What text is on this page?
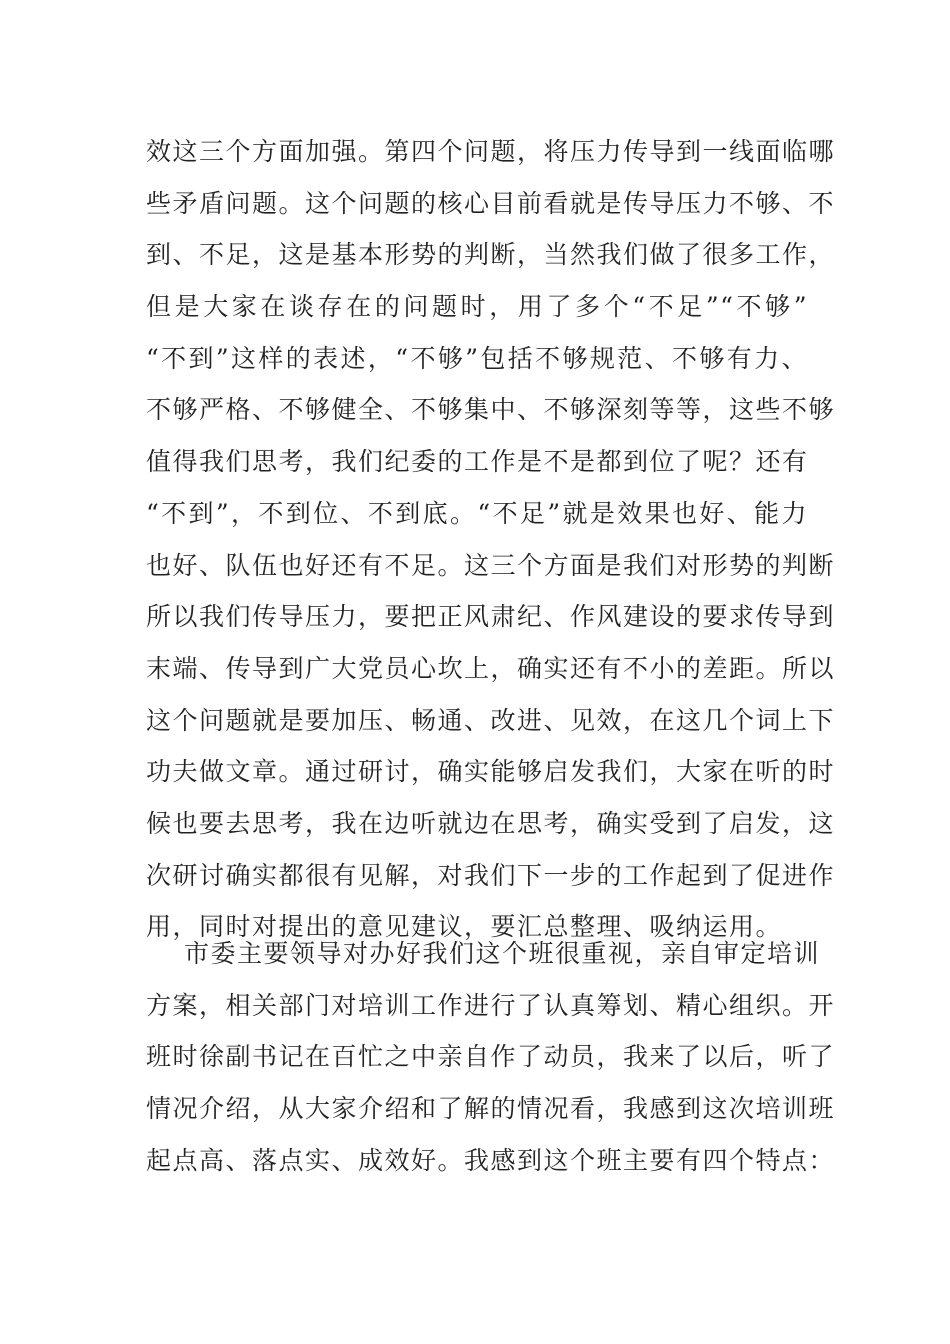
效这三个方面加强。第四个问题，将压力传导到一线面临哪
些矛盾问题。这个问题的核心目前看就是传导压力不够、不
到、不足，这是基本形势的判断，当然我们做了很多工作，
但是大家在谈存在的问题时，用了多个“不足”“不够”
“不到”这样的表述，“不够”包括不够规范、不够有力、
不够严格、不够健全、不够集中、不够深刻等等，这些不够
值得我们思考，我们纪委的工作是不是都到位了呢？还有
“不到”，不到位、不到底。“不足”就是效果也好、能力
也好、队伍也好还有不足。这三个方面是我们对形势的判断
所以我们传导压力，要把正风肃纪、作风建设的要求传导到
末端、传导到广大党员心坎上，确实还有不小的差距。所以
这个问题就是要加压、畅通、改进、见效，在这几个词上下
功夫做文章。通过研讨，确实能够启发我们，大家在听的时
候也要去思考，我在边听就边在思考，确实受到了启发，这
次研讨确实都很有见解，对我们下一步的工作起到了促进作
用，同时对提出的意见建议，要汇总整理、吸纳运用。
市委主要领导对办好我们这个班很重视，亲自审定培训
方案，相关部门对培训工作进行了认真筹划、精心组织。开
班时徐副书记在百忙之中亲自作了动员，我来了以后，听了
情况介绍，从大家介绍和了解的情况看，我感到这次培训班
起点高、落点实、成效好。我感到这个班主要有四个特点：
